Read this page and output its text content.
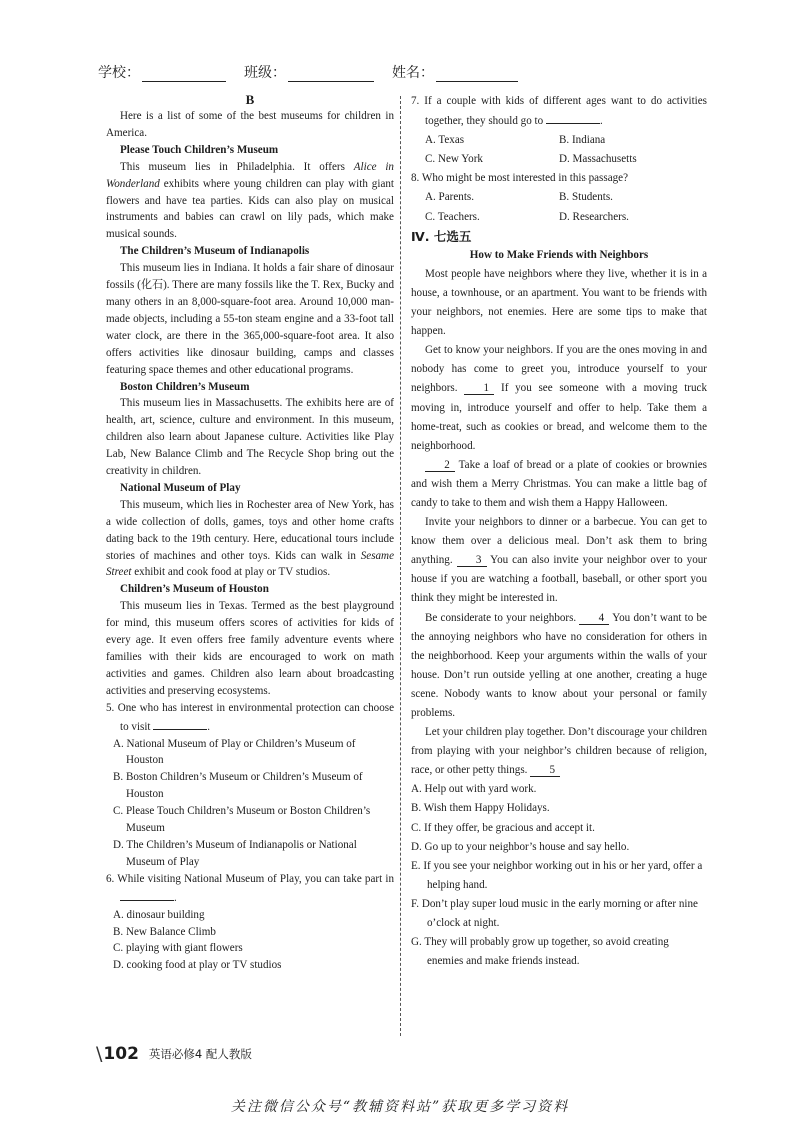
学校：	班级：	姓名：

B

Here is a list of some of the best museums for children in America.

Please Touch Children’s Museum

This museum lies in Philadelphia. It offers Alice in Wonderland exhibits where young children can play with giant flowers and have tea parties. Kids can also play on musical instruments and babies can crawl on lily pads, which make musical sounds.

The Children’s Museum of Indianapolis

This museum lies in Indiana. It holds a fair share of dinosaur fossils (化石). There are many fossils like the T. Rex, Bucky and many others in an 8,000-square-foot area. Around 10,000 man-made objects, including a 55-ton steam engine and a 33-foot tall water clock, are there in the 365,000-square-foot area. It also offers activities like dinosaur building, camps and classes featuring space themes and other educational programs.

Boston Children’s Museum

This museum lies in Massachusetts. The exhibits here are of health, art, science, culture and environment. In this museum, children also learn about Japanese culture. Activities like Play Lab, New Balance Climb and The Recycle Shop bring out the creativity in children.

National Museum of Play

This museum, which lies in Rochester area of New York, has a wide collection of dolls, games, toys and other home crafts dating back to the 19th century. Here, educational tours include stories of machines and other toys. Kids can walk in Sesame Street exhibit and cook food at play or TV studios.

Children’s Museum of Houston

This museum lies in Texas. Termed as the best playground for mind, this museum offers scores of activities for kids of every age. It even offers free family adventure events where families with their kids are encouraged to work on math activities and games. Children also learn about broadcasting activities and preserving ecosystems.

5. One who has interest in environmental protection can choose to visit	.

A. National Museum of Play or Children’s Museum of Houston

B. Boston Children’s Museum or Children’s Museum of Houston

C. Please Touch Children’s Museum or Boston Children’s Museum

D. The Children’s Museum of Indianapolis or National Museum of Play

6. While visiting National Museum of Play, you can take part in .

A. dinosaur building

B. New Balance Climb

C. playing with giant flowers

D. cooking food at play or TV studios

7. If a couple with kids of different ages want to do activities together, they should go to	.

A. Texas	B. Indiana
C. New York	D. Massachusetts

8. Who might be most interested in this passage?

A. Parents.	B. Students.
C. Teachers.	D. Researchers.

Ⅳ. 七选五

How to Make Friends with Neighbors

Most people have neighbors where they live, whether it is in a house, a townhouse, or an apartment. You want to be friends with your neighbors, not enemies. Here are some tips to make that happen.

Get to know your neighbors. If you are the ones moving in and nobody has come to greet you, introduce yourself to your neighbors. 1 If you see someone with a moving truck moving in, introduce yourself and offer to help. Take them a home-treat, such as cookies or bread, and welcome them to the neighborhood.

2 Take a loaf of bread or a plate of cookies or brownies and wish them a Merry Christmas. You can make a little bag of candy to take to them and wish them a Happy Halloween.

Invite your neighbors to dinner or a barbecue. You can get to know them over a delicious meal. Don’t ask them to bring anything. 3 You can also invite your neighbor over to your house if you are watching a football, baseball, or other sport you think they might be interested in.

Be considerate to your neighbors. 4 You don’t want to be the annoying neighbors who have no consideration for others in the neighborhood. Keep your arguments within the walls of your house. Don’t run outside yelling at one another, creating a huge scene. Nobody wants to know about your personal or family problems.

Let your children play together. Don’t discourage your children from playing with your neighbor’s children because of religion, race, or other petty things. 5

A. Help out with yard work.

B. Wish them Happy Holidays.

C. If they offer, be gracious and accept it.

D. Go up to your neighbor’s house and say hello.

E. If you see your neighbor working out in his or her yard, offer a helping hand.

F. Don’t play super loud music in the early morning or after nine o’clock at night.

G. They will probably grow up together, so avoid creating enemies and make friends instead.

\ 102 英语必修4 配人教版
关注微信公众号“教辅资料站”获取更多学习资料
